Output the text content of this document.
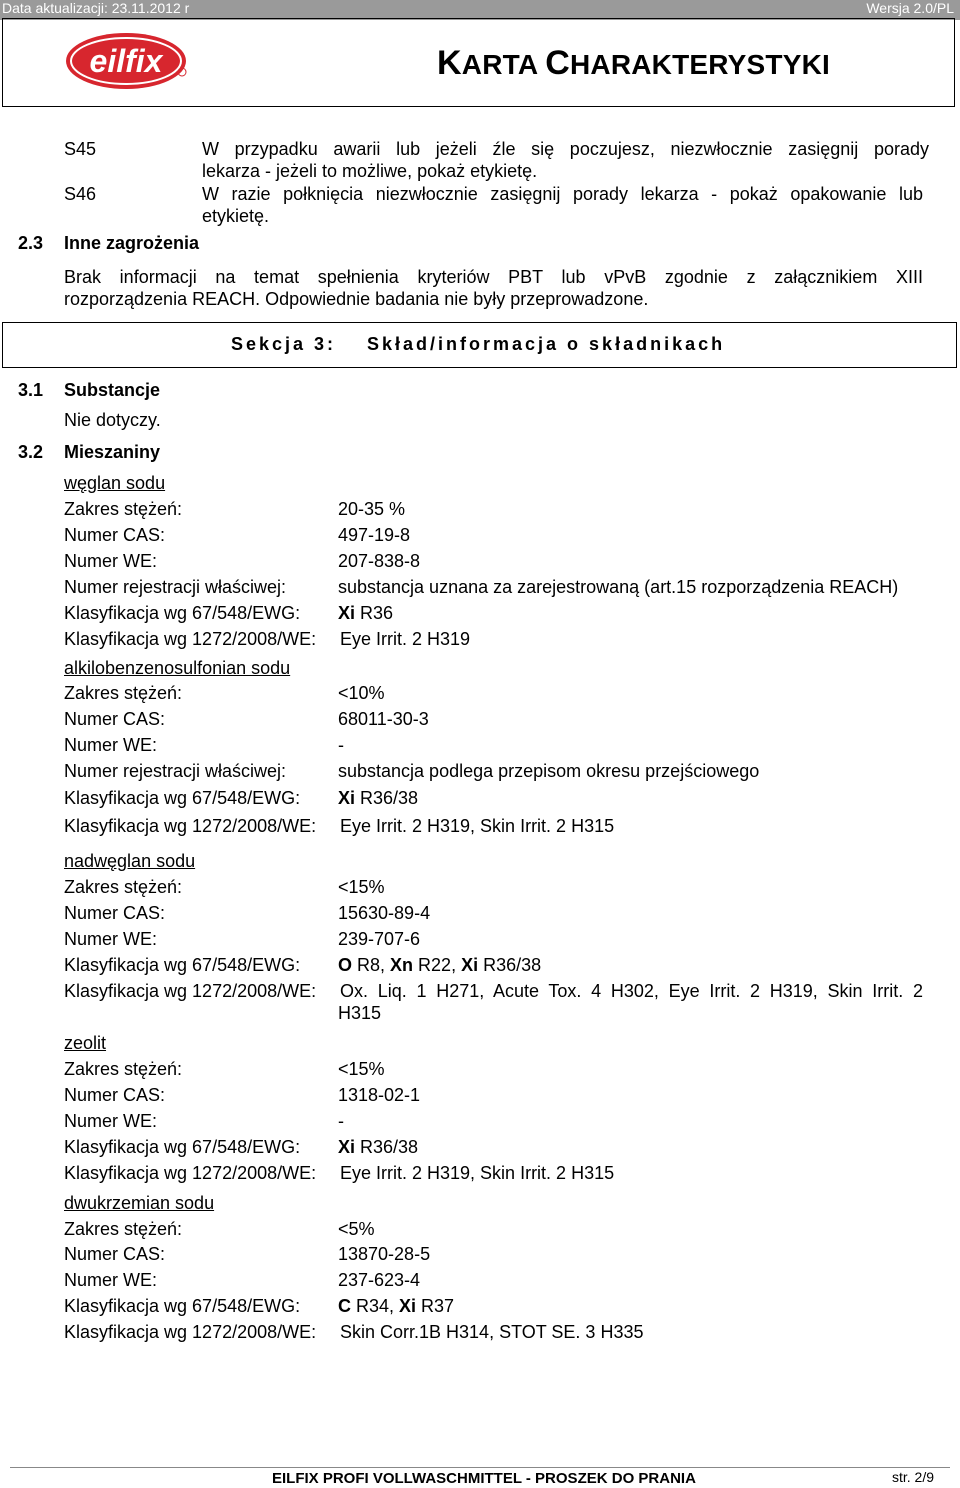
Data aktualizacji: 23.11.2012 r	Wersja 2.0/PL
eilfix	KARTA CHARAKTERYSTYKI
S45	W przypadku awarii lub jeżeli źle się poczujesz, niezwłocznie zasięgnij porady
lekarza - jeżeli to możliwe, pokaż etykietę.
S46	W razie połknięcia niezwłocznie zasięgnij porady lekarza - pokaż opakowanie lub
etykietę.
2.3 Inne zagrożenia
Brak informacji na temat spełnienia kryteriów PBT lub vPvB zgodnie z załącznikiem XIII
rozporządzenia REACH. Odpowiednie badania nie były przeprowadzone.
Sekcja 3: Skład/informacja o składnikach
3.1 Substancje
Nie dotyczy.
3.2 Mieszaniny
węglan sodu
Zakres stężeń:	20-35 %
Numer CAS:	497-19-8
Numer WE:	207-838-8
Numer rejestracji właściwej:	substancja uznana za zarejestrowaną (art.15 rozporządzenia REACH)
Klasyfikacja wg 67/548/EWG: Xi R36
Klasyfikacja wg 1272/2008/WE: Eye Irrit. 2 H319
alkilobenzenosulfonian sodu
Zakres stężeń:	<10%
Numer CAS:	68011-30-3
Numer WE:	-
Numer rejestracji właściwej:	substancja podlega przepisom okresu przejściowego
Klasyfikacja wg 67/548/EWG: Xi R36/38
Klasyfikacja wg 1272/2008/WE: Eye Irrit. 2 H319, Skin Irrit. 2 H315
nadwęglan sodu
Zakres stężeń:	<15%
Numer CAS:	15630-89-4
Numer WE:	239-707-6
Klasyfikacja wg 67/548/EWG: O R8, Xn R22, Xi R36/38
Klasyfikacja wg 1272/2008/WE: Ox. Liq. 1 H271, Acute Tox. 4 H302, Eye Irrit. 2 H319, Skin Irrit. 2
H315
zeolit
Zakres stężeń:	<15%
Numer CAS:	1318-02-1
Numer WE:	-
Klasyfikacja wg 67/548/EWG: Xi R36/38
Klasyfikacja wg 1272/2008/WE: Eye Irrit. 2 H319, Skin Irrit. 2 H315
dwukrzemian sodu
Zakres stężeń:	<5%
Numer CAS:	13870-28-5
Numer WE:	237-623-4
Klasyfikacja wg 67/548/EWG: C R34, Xi R37
Klasyfikacja wg 1272/2008/WE: Skin Corr.1B H314, STOT SE. 3 H335
EILFIX PROFI VOLLWASCHMITTEL - PROSZEK DO PRANIA	str. 2/9
